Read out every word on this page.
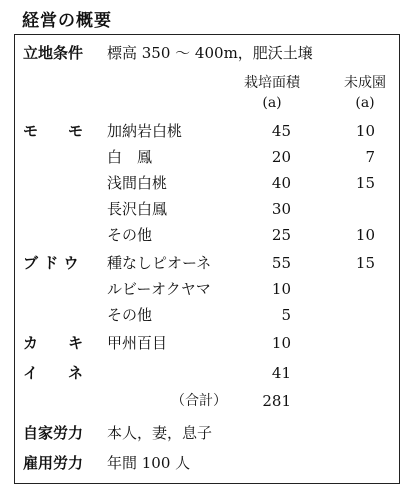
経営の概要
立地条件 標高 350 ～ 400m，肥沃土壌
栽培面積	未成園
(a)	(a)
モ　　モ 加納岩白桃	45	10
白　鳳	20	7
浅間白桃	40	15
長沢白鳳	30
その他	25	10
ブ ド ウ 種なしピオーネ	55	15
ルビーオクヤマ	10
その他	5
カ　　キ 甲州百目	10
イ　　ネ	41
（合計）	281
自家労力 本人，妻，息子
雇用労力 年間 100 人
